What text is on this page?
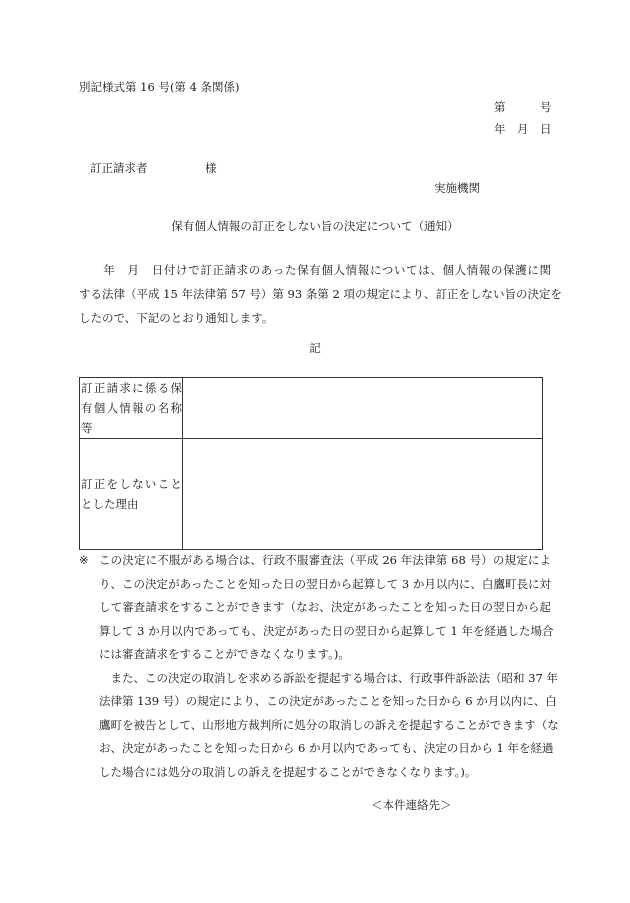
別記様式第 16 号(第 4 条関係)
第　　　号
年　月　日
訂正請求者　　　　　様
実施機関
保有個人情報の訂正をしない旨の決定について（通知）
　　年　月　日付けで訂正請求のあった保有個人情報については、個人情報の保護に関
する法律（平成 15 年法律第 57 号）第 93 条第 2 項の規定により、訂正をしない旨の決定を
したので、下記のとおり通知します。
記
訂正請求に係る保
有個人情報の名称
等	

訂正をしないこと
とした理由	

※ この決定に不服がある場合は、行政不服審査法（平成 26 年法律第 68 号）の規定によ
り、この決定があったことを知った日の翌日から起算して 3 か月以内に、白鷹町長に対
して審査請求をすることができます（なお、決定があったことを知った日の翌日から起
算して 3 か月以内であっても、決定があった日の翌日から起算して 1 年を経過した場合
には審査請求をすることができなくなります。)。
　また、この決定の取消しを求める訴訟を提起する場合は、行政事件訴訟法（昭和 37 年
法律第 139 号）の規定により、この決定があったことを知った日から 6 か月以内に、白
鷹町を被告として、山形地方裁判所に処分の取消しの訴えを提起することができます（な
お、決定があったことを知った日から 6 か月以内であっても、決定の日から 1 年を経過
した場合には処分の取消しの訴えを提起することができなくなります。)。
＜本件連絡先＞
